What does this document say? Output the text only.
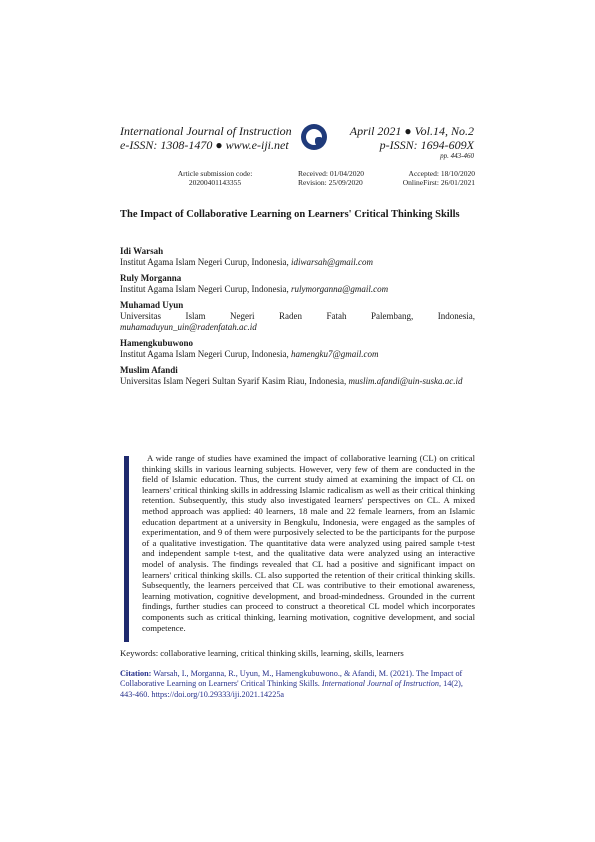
International Journal of Instruction
e-ISSN: 1308-1470 ● www.e-iji.net
April 2021 ● Vol.14, No.2
p-ISSN: 1694-609X
pp. 443-460
Article submission code:
20200401143355
Received: 01/04/2020
Revision: 25/09/2020
Accepted: 18/10/2020
OnlineFirst: 26/01/2021
The Impact of Collaborative Learning on Learners' Critical Thinking Skills
Idi Warsah
Institut Agama Islam Negeri Curup, Indonesia, idiwarsah@gmail.com
Ruly Morganna
Institut Agama Islam Negeri Curup, Indonesia, rulymorganna@gmail.com
Muhamad Uyun
Universitas Islam Negeri Raden Fatah Palembang, Indonesia,
muhamaduyun_uin@radenfatah.ac.id
Hamengkubuwono
Institut Agama Islam Negeri Curup, Indonesia, hamengku7@gmail.com
Muslim Afandi
Universitas Islam Negeri Sultan Syarif Kasim Riau, Indonesia, muslim.afandi@uin-suska.ac.id
A wide range of studies have examined the impact of collaborative learning (CL) on critical thinking skills in various learning subjects. However, very few of them are conducted in the field of Islamic education. Thus, the current study aimed at examining the impact of CL on learners' critical thinking skills in addressing Islamic radicalism as well as their critical thinking retention. Subsequently, this study also investigated learners' perspectives on CL. A mixed method approach was applied: 40 learners, 18 male and 22 female learners, from an Islamic education department at a university in Bengkulu, Indonesia, were engaged as the samples of experimentation, and 9 of them were purposively selected to be the participants for the purpose of a qualitative investigation. The quantitative data were analyzed using paired sample t-test and independent sample t-test, and the qualitative data were analyzed using an interactive model of analysis. The findings revealed that CL had a positive and significant impact on learners' critical thinking skills. CL also supported the retention of their critical thinking skills. Subsequently, the learners perceived that CL was contributive to their emotional awareness, learning motivation, cognitive development, and broad-mindedness. Grounded in the current findings, further studies can proceed to construct a theoretical CL model which incorporates components such as critical thinking, learning motivation, cognitive development, and social competence.
Keywords: collaborative learning, critical thinking skills, learning, skills, learners
Citation: Warsah, I., Morganna, R., Uyun, M., Hamengkubuwono., & Afandi, M. (2021). The Impact of Collaborative Learning on Learners' Critical Thinking Skills. International Journal of Instruction, 14(2), 443-460. https://doi.org/10.29333/iji.2021.14225a
